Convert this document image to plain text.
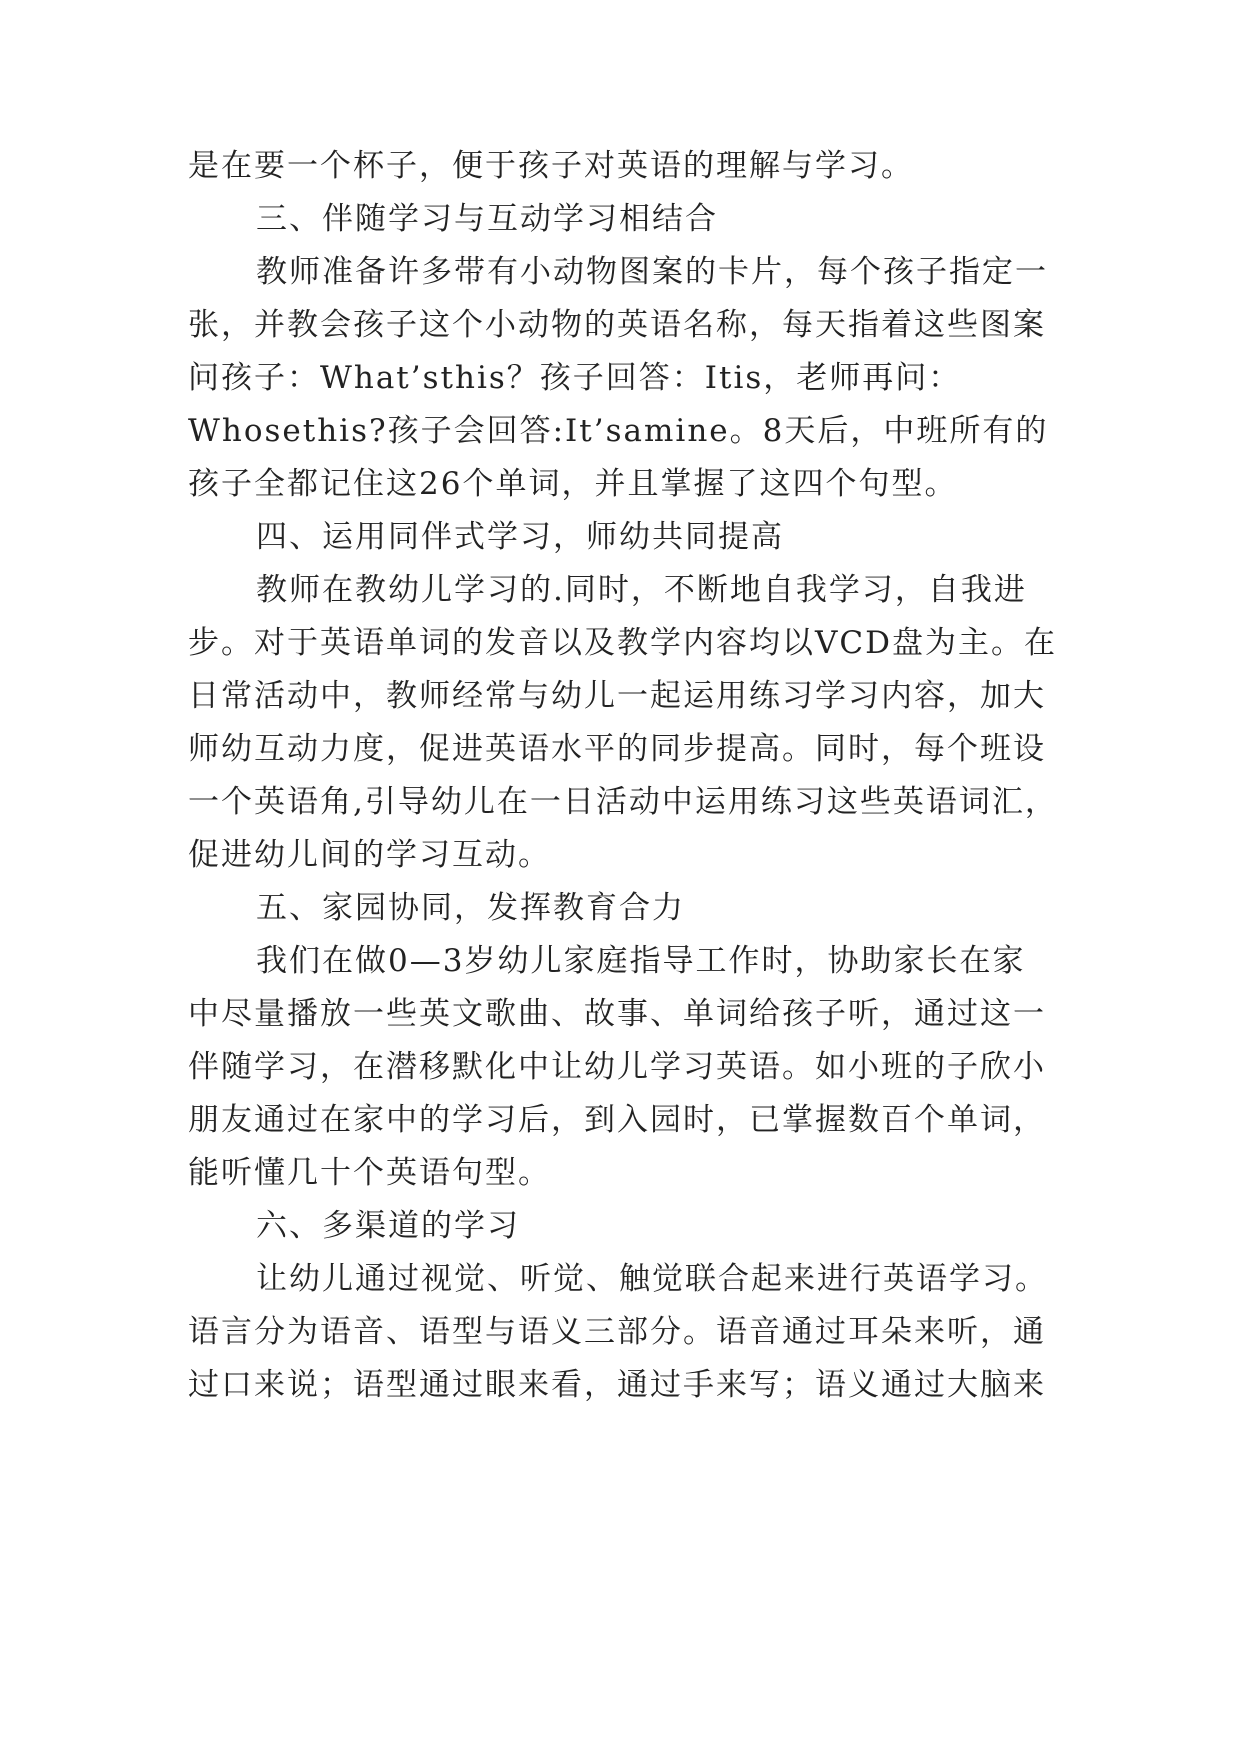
是在要一个杯子，便于孩子对英语的理解与学习。
三、伴随学习与互动学习相结合
教师准备许多带有小动物图案的卡片，每个孩子指定一
张，并教会孩子这个小动物的英语名称，每天指着这些图案
问孩子：What’sthis？孩子回答：Itis，老师再问：
Whosethis?孩子会回答:It’samine。8天后，中班所有的
孩子全都记住这26个单词，并且掌握了这四个句型。
四、运用同伴式学习，师幼共同提高
教师在教幼儿学习的.同时，不断地自我学习，自我进
步。对于英语单词的发音以及教学内容均以VCD盘为主。在
日常活动中，教师经常与幼儿一起运用练习学习内容，加大
师幼互动力度，促进英语水平的同步提高。同时，每个班设
一个英语角,引导幼儿在一日活动中运用练习这些英语词汇，
促进幼儿间的学习互动。
五、家园协同，发挥教育合力
我们在做0—3岁幼儿家庭指导工作时，协助家长在家
中尽量播放一些英文歌曲、故事、单词给孩子听，通过这一
伴随学习，在潜移默化中让幼儿学习英语。如小班的子欣小
朋友通过在家中的学习后，到入园时，已掌握数百个单词，
能听懂几十个英语句型。
六、多渠道的学习
让幼儿通过视觉、听觉、触觉联合起来进行英语学习。
语言分为语音、语型与语义三部分。语音通过耳朵来听，通
过口来说；语型通过眼来看，通过手来写；语义通过大脑来
